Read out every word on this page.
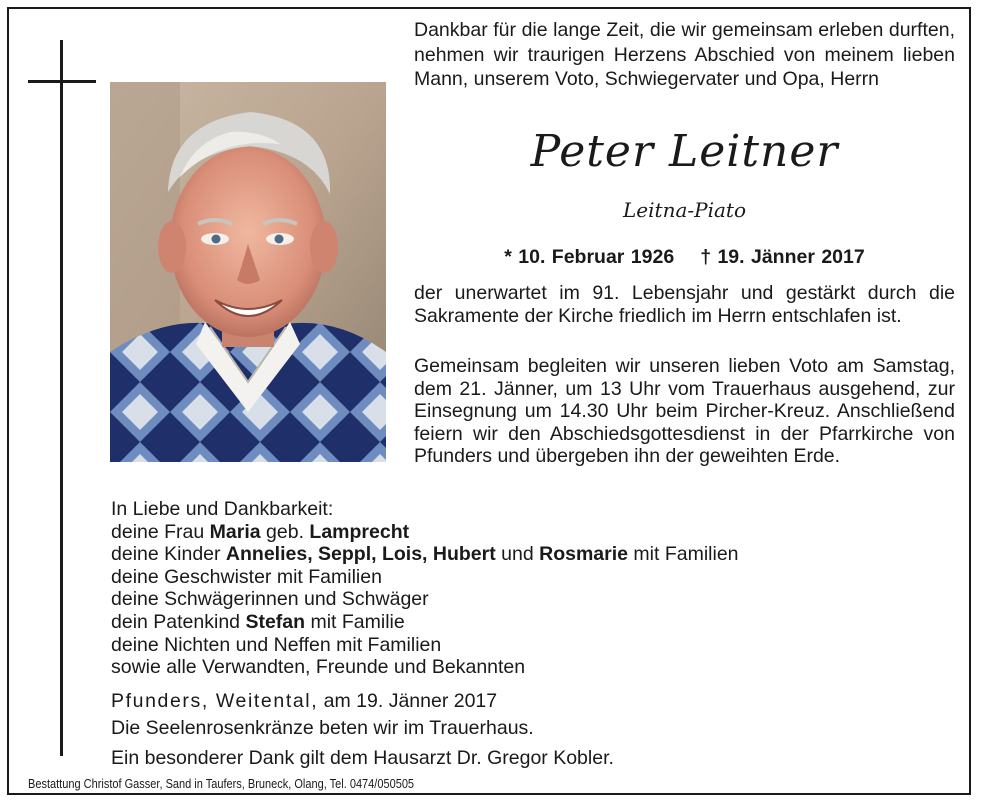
Dankbar für die lange Zeit, die wir gemeinsam erleben durften, nehmen wir traurigen Herzens Abschied von meinem lieben Mann, unserem Voto, Schwiegervater und Opa, Herrn
Peter Leitner
Leitna-Piato
* 10. Februar 1926 † 19. Jänner 2017
der unerwartet im 91. Lebensjahr und gestärkt durch die Sakramente der Kirche friedlich im Herrn entschlafen ist.
Gemeinsam begleiten wir unseren lieben Voto am Samstag, dem 21. Jänner, um 13 Uhr vom Trauerhaus ausgehend, zur Einsegnung um 14.30 Uhr beim Pircher-Kreuz. Anschließend feiern wir den Abschiedsgottesdienst in der Pfarrkirche von Pfunders und übergeben ihn der geweihten Erde.
In Liebe und Dankbarkeit:
deine Frau Maria geb. Lamprecht
deine Kinder Annelies, Seppl, Lois, Hubert und Rosmarie mit Familien
deine Geschwister mit Familien
deine Schwägerinnen und Schwäger
dein Patenkind Stefan mit Familie
deine Nichten und Neffen mit Familien
sowie alle Verwandten, Freunde und Bekannten
Pfunders, Weitental, am 19. Jänner 2017
Die Seelenrosenkränze beten wir im Trauerhaus.
Ein besonderer Dank gilt dem Hausarzt Dr. Gregor Kobler.
Bestattung Christof Gasser, Sand in Taufers, Bruneck, Olang, Tel. 0474/050505
